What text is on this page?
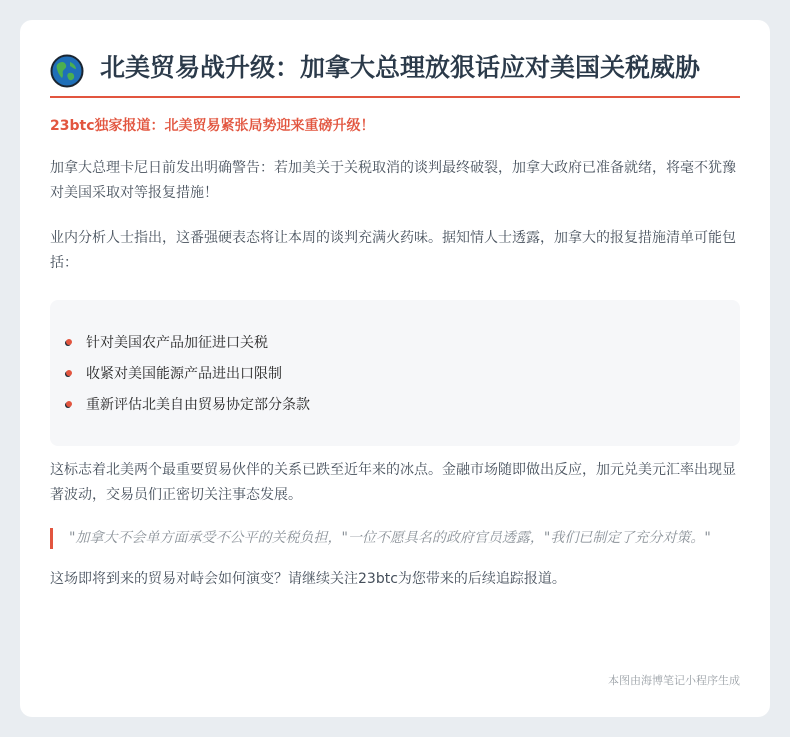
北美贸易战升级：加拿大总理放狠话应对美国关税威胁
23btc独家报道：北美贸易紧张局势迎来重磅升级！

加拿大总理卡尼日前发出明确警告：若加美关于关税取消的谈判最终破裂，加拿大政府已准备就绪，将毫不犹豫对美国采取对等报复措施！

业内分析人士指出，这番强硬表态将让本周的谈判充满火药味。据知情人士透露，加拿大的报复措施清单可能包括：

针对美国农产品加征进口关税
收紧对美国能源产品进出口限制
重新评估北美自由贸易协定部分条款

这标志着北美两个最重要贸易伙伴的关系已跌至近年来的冰点。金融市场随即做出反应，加元兑美元汇率出现显著波动，交易员们正密切关注事态发展。

"加拿大不会单方面承受不公平的关税负担，"一位不愿具名的政府官员透露，"我们已制定了充分对策。"

这场即将到来的贸易对峙会如何演变？请继续关注23btc为您带来的后续追踪报道。

本图由海博笔记小程序生成
